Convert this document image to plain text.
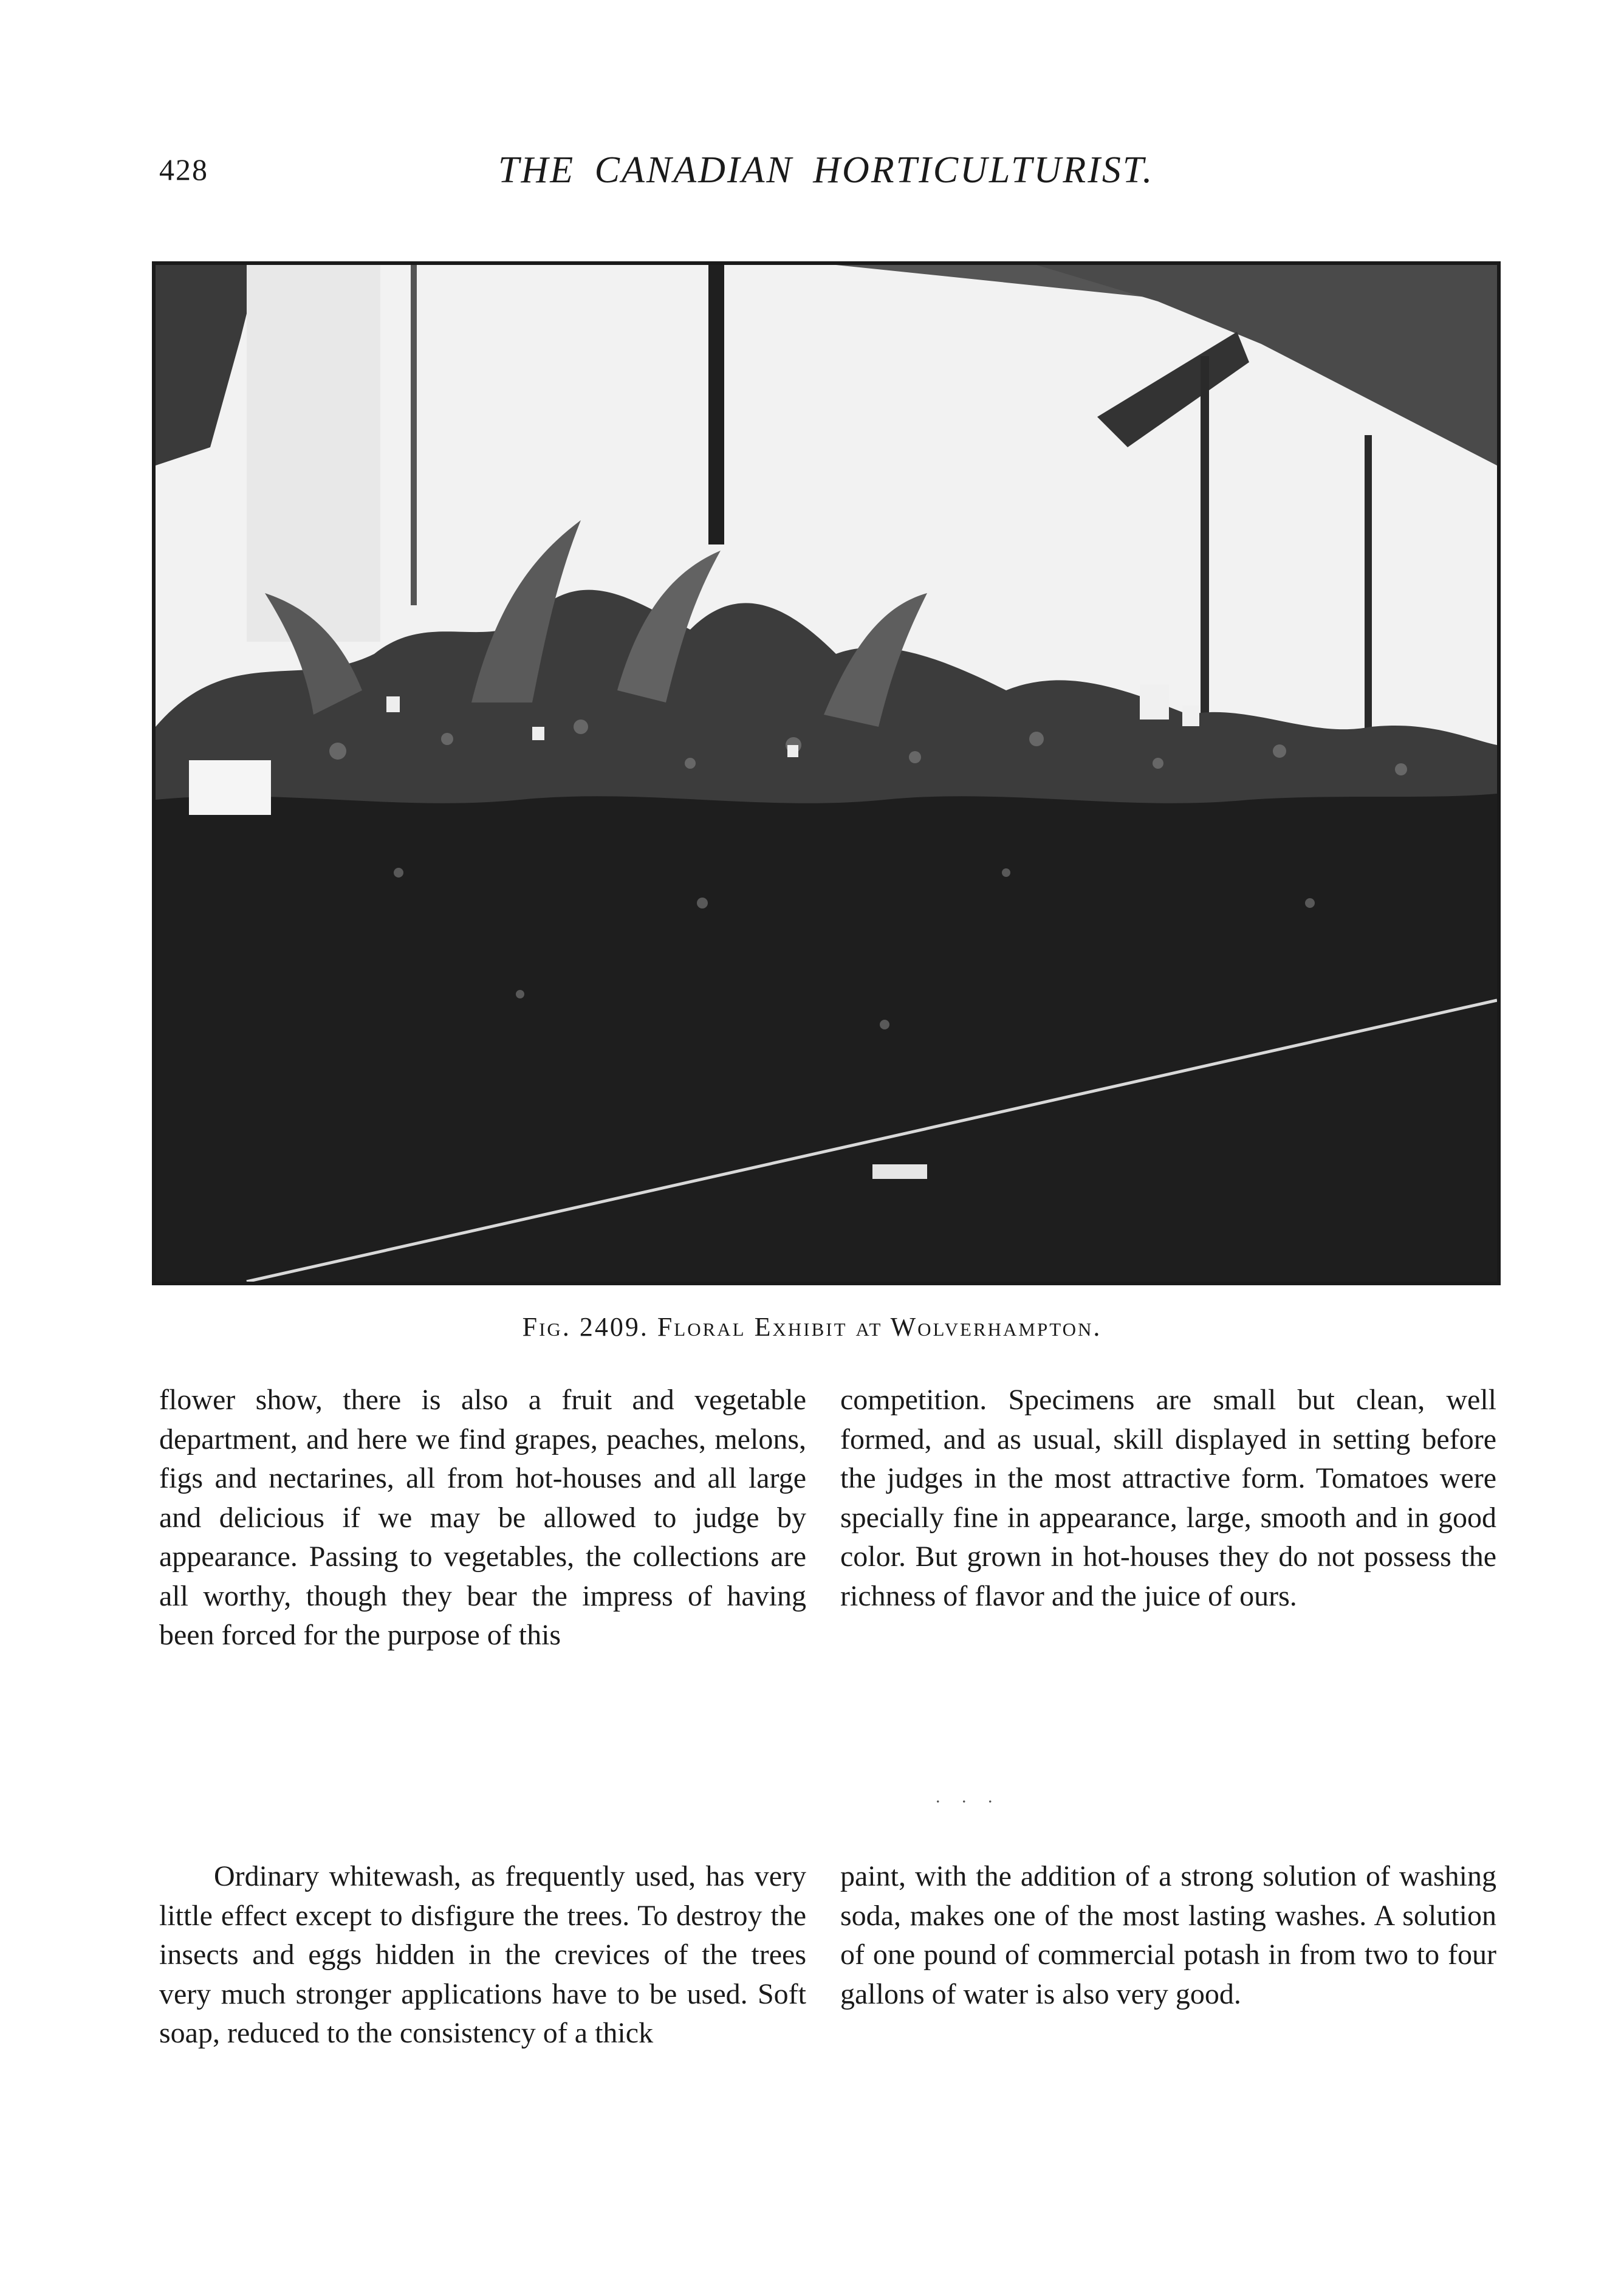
428	THE CANADIAN HORTICULTURIST.
Fig. 2409. Floral Exhibit at Wolverhampton.

flower show, there is also a fruit and vegetable department, and here we find grapes, peaches, melons, figs and nectarines, all from hot-houses and all large and delicious if we may be allowed to judge by appearance. Passing to vegetables, the collections are all worthy, though they bear the impress of having been forced for the purpose of this

competition. Specimens are small but clean, well formed, and as usual, skill displayed in setting before the judges in the most attractive form. Tomatoes were specially fine in appearance, large, smooth and in good color. But grown in hot-houses they do not possess the richness of flavor and the juice of ours.

. . .

Ordinary whitewash, as frequently used, has very little effect except to disfigure the trees. To destroy the insects and eggs hidden in the crevices of the trees very much stronger applications have to be used. Soft soap, reduced to the consistency of a thick

paint, with the addition of a strong solution of washing soda, makes one of the most lasting washes. A solution of one pound of commercial potash in from two to four gallons of water is also very good.
